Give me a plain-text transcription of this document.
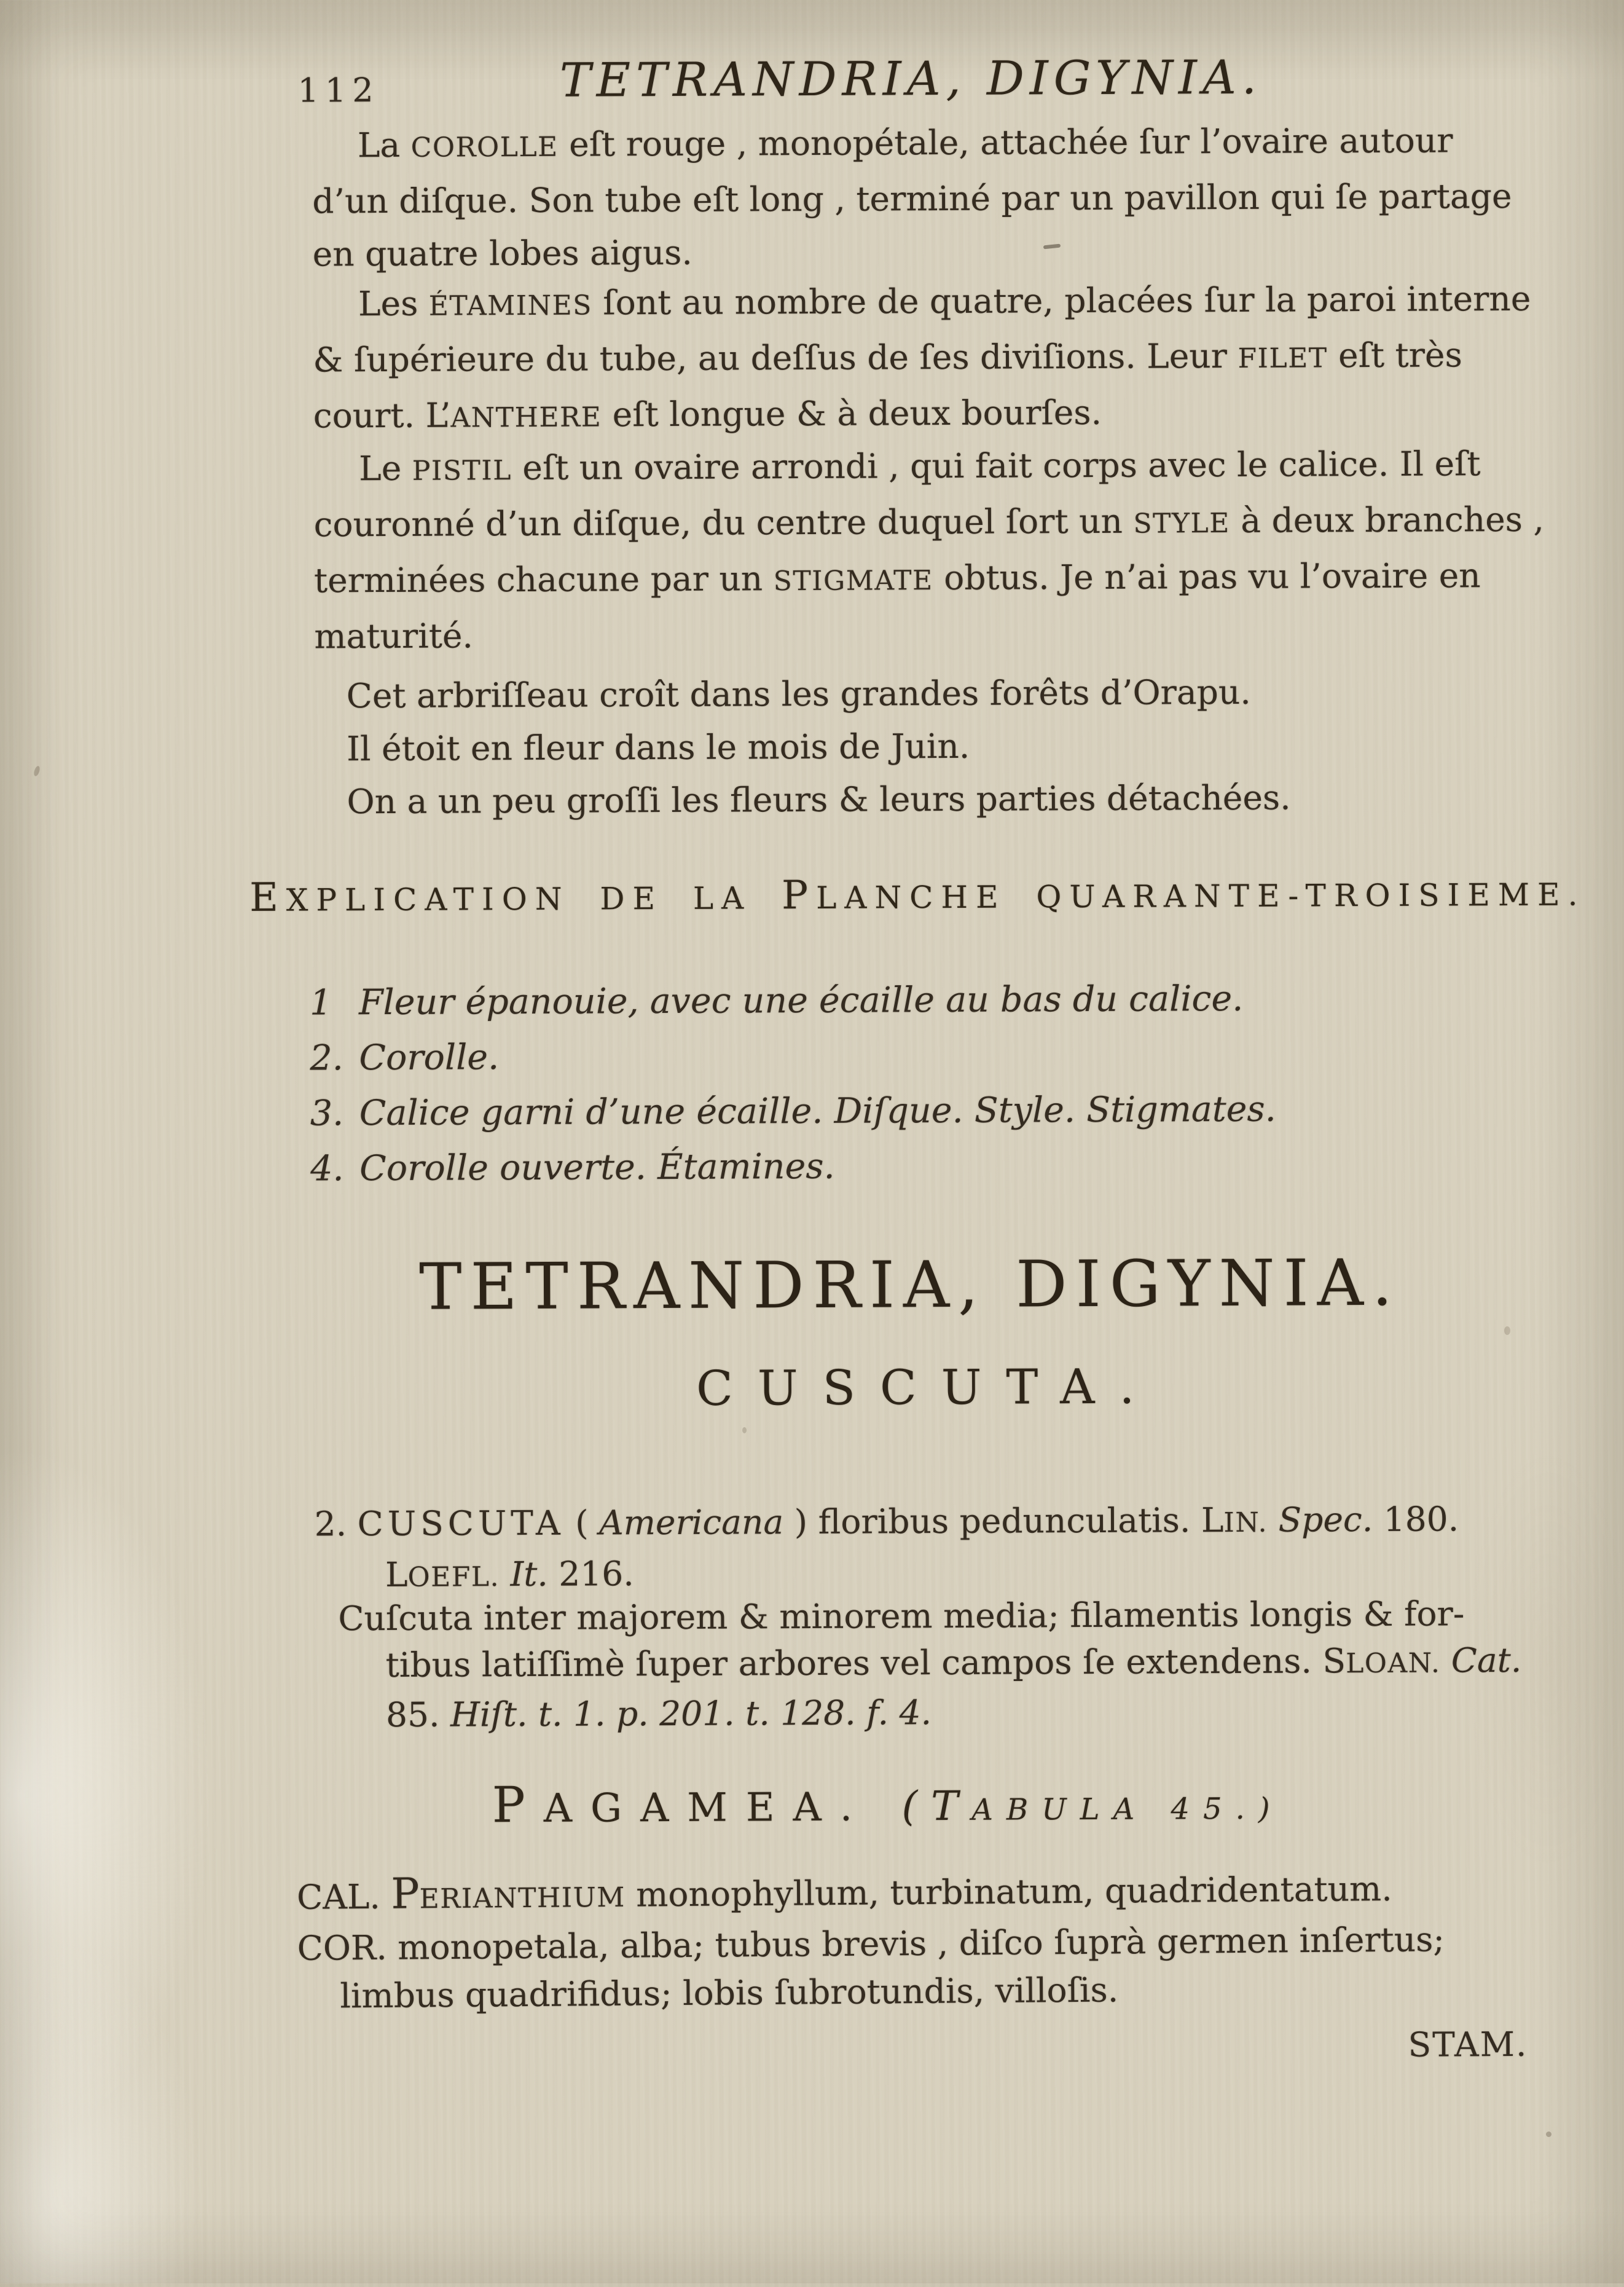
112	TETRANDRIA, DIGYNIA.
La COROLLE eſt rouge , monopétale, attachée ſur l’ovaire autour
d’un diſque. Son tube eſt long , terminé par un pavillon qui ſe partage
en quatre lobes aigus.
Les ÉTAMINES ſont au nombre de quatre, placées ſur la paroi interne
& ſupérieure du tube, au deſſus de ſes diviſions. Leur FILET eſt très
court. L’ANTHERE eſt longue & à deux bourſes.
Le PISTIL eſt un ovaire arrondi , qui fait corps avec le calice. Il eſt
couronné d’un diſque, du centre duquel ſort un STYLE à deux branches ,
terminées chacune par un STIGMATE obtus. Je n’ai pas vu l’ovaire en
maturité.
Cet arbriſſeau croît dans les grandes forêts d’Orapu.
Il étoit en fleur dans le mois de Juin.
On a un peu groſſi les fleurs & leurs parties détachées.
EXPLICATION DE LA PLANCHE QUARANTE-TROISIEME.
1 Fleur épanouie, avec une écaille au bas du calice.
2. Corolle.
3. Calice garni d’une écaille. Diſque. Style. Stigmates.
4. Corolle ouverte. Étamines.
TETRANDRIA, DIGYNIA.
CUSCUTA.
2. CUSCUTA ( Americana ) floribus pedunculatis. LIN. Spec. 180.
LOEFL. It. 216.
Cuſcuta inter majorem & minorem media; filamentis longis & for-
tibus latiſſimè ſuper arbores vel campos ſe extendens. SLOAN. Cat.
85. Hiſt. t. 1. p. 201. t. 128. f. 4.
PAGAMEA. (TABULA 45.)
CAL. PERIANTHIUM monophyllum, turbinatum, quadridentatum.
COR. monopetala, alba; tubus brevis , diſco ſuprà germen inſertus;
limbus quadrifidus; lobis ſubrotundis, villoſis.
STAM.
